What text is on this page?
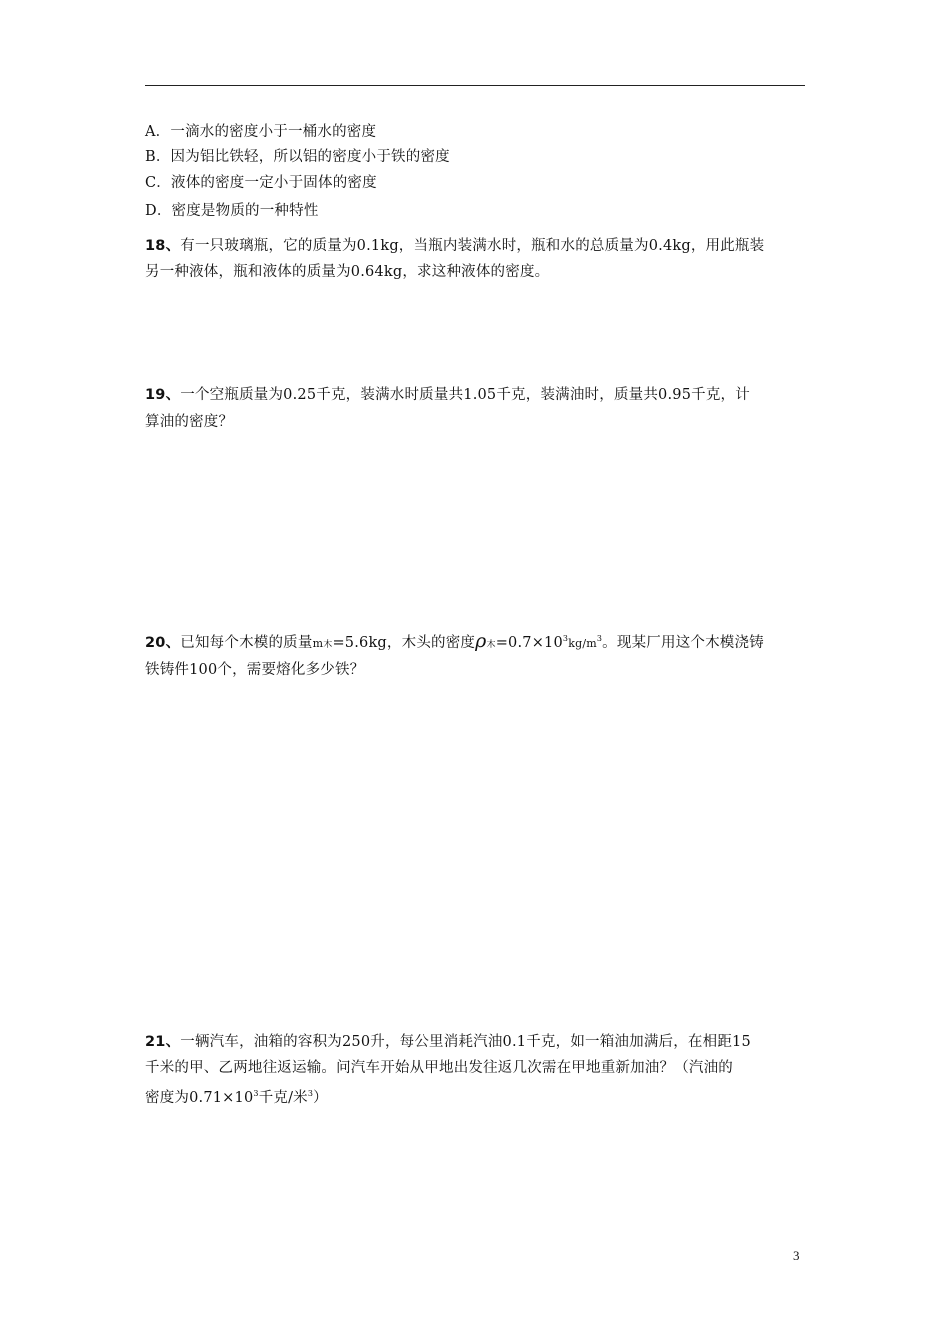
A．一滴水的密度小于一桶水的密度
B．因为铝比铁轻，所以铝的密度小于铁的密度
C．液体的密度一定小于固体的密度
D．密度是物质的一种特性
18、有一只玻璃瓶，它的质量为0.1kg，当瓶内装满水时，瓶和水的总质量为0.4kg，用此瓶装
另一种液体，瓶和液体的质量为0.64kg，求这种液体的密度。
19、一个空瓶质量为0.25千克，装满水时质量共1.05千克，装满油时，质量共0.95千克，计
算油的密度？
20、已知每个木模的质量m木=5.6kg，木头的密度ρ木$=0.7\times 10^3kg/m^3$。现某厂用这个木模浇铸
铁铸件100个，需要熔化多少铁？
21、一辆汽车，油箱的容积为250升，每公里消耗汽油0.1千克，如一箱油加满后，在相距15
千米的甲、乙两地往返运输。问汽车开始从甲地出发往返几次需在甲地重新加油？（汽油的
密度为$0.71\times 10^3$千克/米$^3$）
3
